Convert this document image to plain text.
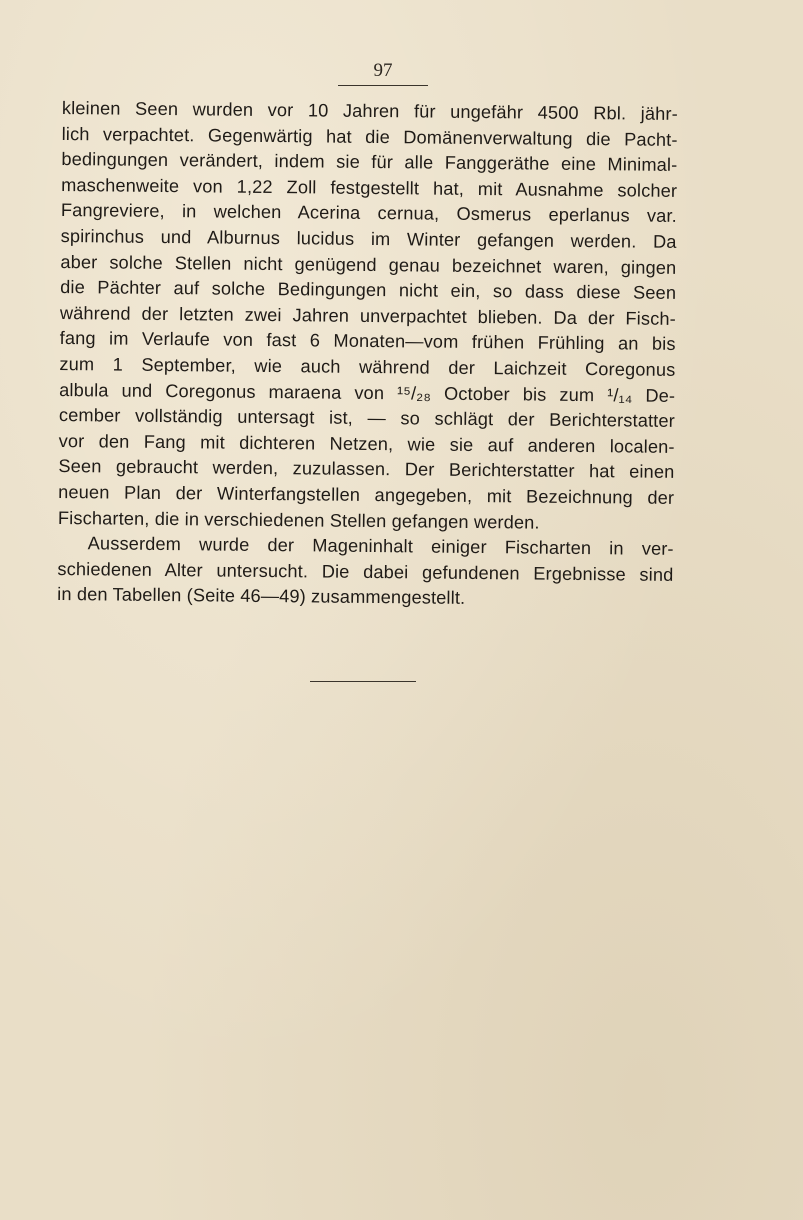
97
kleinen Seen wurden vor 10 Jahren für ungefähr 4500 Rbl. jähr-
lich verpachtet. Gegenwärtig hat die Domänenverwaltung die Pacht-
bedingungen verändert, indem sie für alle Fanggeräthe eine Minimal-
maschenweite von 1,22 Zoll festgestellt hat, mit Ausnahme solcher
Fangreviere, in welchen Acerina cernua, Osmerus eperlanus var.
spirinchus und Alburnus lucidus im Winter gefangen werden. Da
aber solche Stellen nicht genügend genau bezeichnet waren, gingen
die Pächter auf solche Bedingungen nicht ein, so dass diese Seen
während der letzten zwei Jahren unverpachtet blieben. Da der Fisch-
fang im Verlaufe von fast 6 Monaten—vom frühen Frühling an bis
zum 1 September, wie auch während der Laichzeit Coregonus
albula und Coregonus maraena von ¹⁵/₂₈ October bis zum ¹/₁₄ De-
cember vollständig untersagt ist, — so schlägt der Berichterstatter
vor den Fang mit dichteren Netzen, wie sie auf anderen localen-
Seen gebraucht werden, zuzulassen. Der Berichterstatter hat einen
neuen Plan der Winterfangstellen angegeben, mit Bezeichnung der
Fischarten, die in verschiedenen Stellen gefangen werden.
Ausserdem wurde der Mageninhalt einiger Fischarten in ver-
schiedenen Alter untersucht. Die dabei gefundenen Ergebnisse sind
in den Tabellen (Seite 46—49) zusammengestellt.
